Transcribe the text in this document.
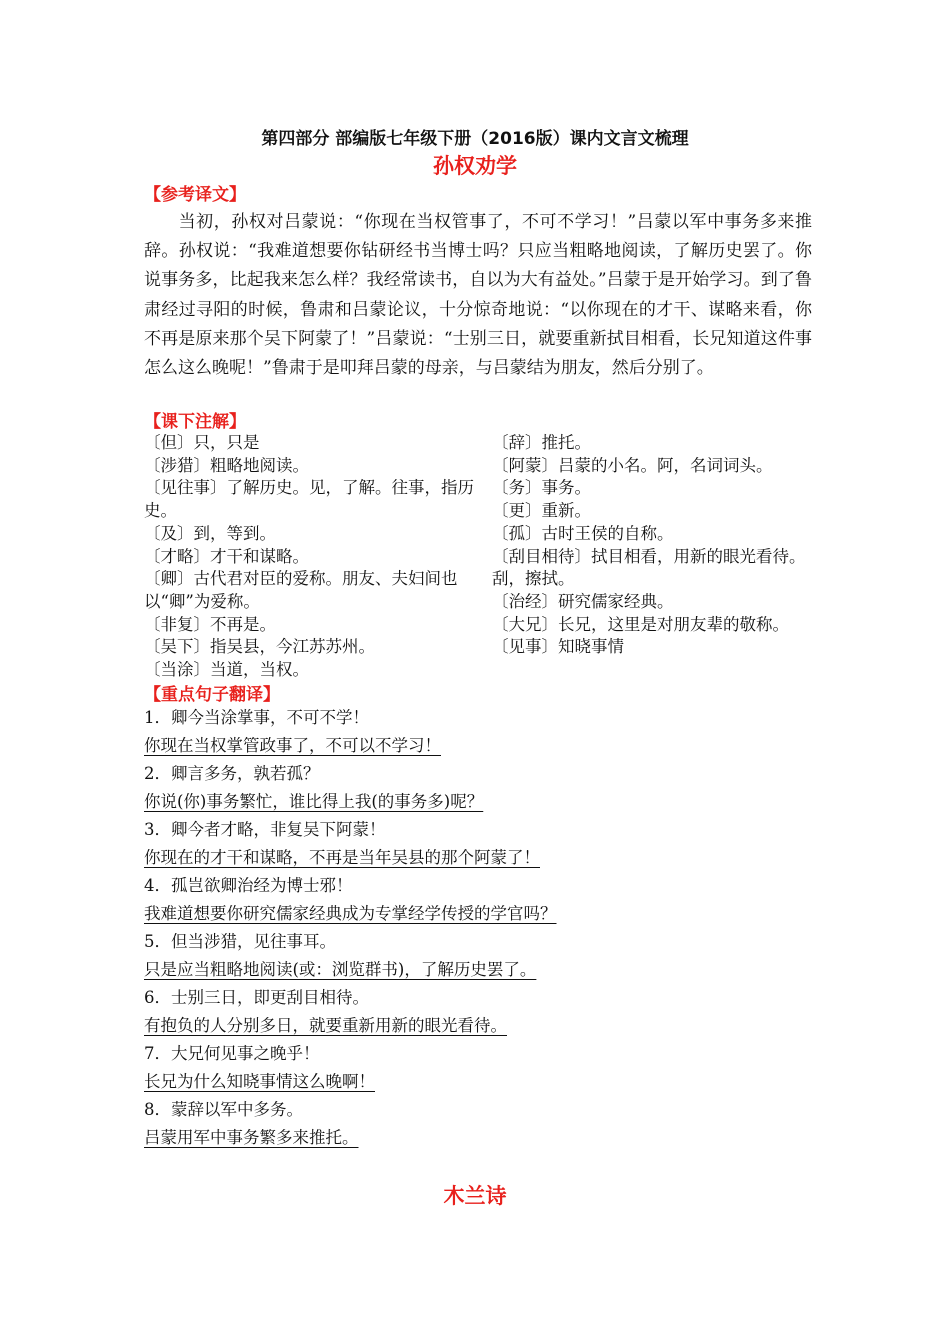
第四部分 部编版七年级下册（2016版）课内文言文梳理
孙权劝学
【参考译文】

当初，孙权对吕蒙说：“你现在当权管事了，不可不学习！”吕蒙以军中事务多来推辞。孙权说：“我难道想要你钻研经书当博士吗？只应当粗略地阅读，了解历史罢了。你说事务多，比起我来怎么样？我经常读书，自以为大有益处。”吕蒙于是开始学习。到了鲁肃经过寻阳的时候，鲁肃和吕蒙论议，十分惊奇地说：“以你现在的才干、谋略来看，你不再是原来那个吴下阿蒙了！”吕蒙说：“士别三日，就要重新拭目相看，长兄知道这件事怎么这么晚呢！”鲁肃于是叩拜吕蒙的母亲，与吕蒙结为朋友，然后分别了。

【课下注解】
〔但〕只，只是
〔涉猎〕粗略地阅读。
〔见往事〕了解历史。见，了解。往事，指历史。
〔及〕到，等到。
〔才略〕才干和谋略。
〔卿〕古代君对臣的爱称。朋友、夫妇间也以“卿”为爱称。
〔非复〕不再是。
〔吴下〕指吴县，今江苏苏州。
〔当涂〕当道，当权。
〔辞〕推托。
〔阿蒙〕吕蒙的小名。阿，名词词头。
〔务〕事务。
〔更〕重新。
〔孤〕古时王侯的自称。
〔刮目相待〕拭目相看，用新的眼光看待。刮，擦拭。
〔治经〕研究儒家经典。
〔大兄〕长兄，这里是对朋友辈的敬称。
〔见事〕知晓事情
【重点句子翻译】
1．卿今当涂掌事，不可不学！
你现在当权掌管政事了，不可以不学习！
2．卿言多务，孰若孤？
你说(你)事务繁忙，谁比得上我(的事务多)呢？
3．卿今者才略，非复吴下阿蒙！
你现在的才干和谋略，不再是当年吴县的那个阿蒙了！
4．孤岂欲卿治经为博士邪！
我难道想要你研究儒家经典成为专掌经学传授的学官吗？
5．但当涉猎，见往事耳。
只是应当粗略地阅读(或：浏览群书)，了解历史罢了。
6．士别三日，即更刮目相待。
有抱负的人分别多日，就要重新用新的眼光看待。
7．大兄何见事之晚乎！
长兄为什么知晓事情这么晚啊！
8．蒙辞以军中多务。
吕蒙用军中事务繁多来推托。
木兰诗
